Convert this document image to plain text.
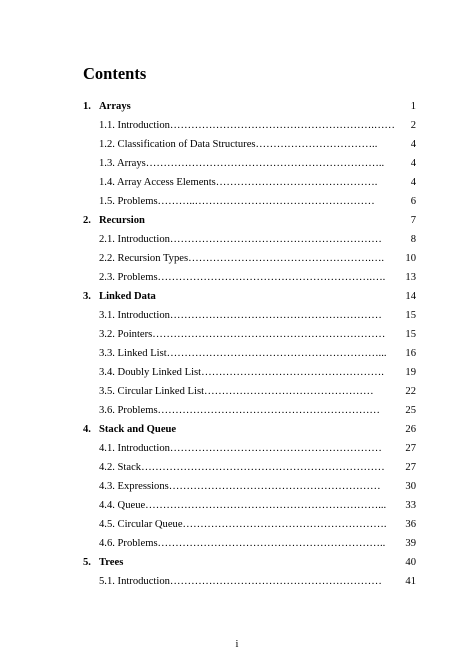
Contents
1. Arrays	1
1.1. Introduction………………………………………………….……	2
1.2. Classification of Data Structures……………………………..	4
1.3. Arrays…………………………………………………………..	4
1.4. Array Access Elements……………………………………….	4
1.5. Problems………..……………………………………………	6
2. Recursion	7
2.1. Introduction……………………………………………………	8
2.2. Recursion Types…………………………………………….….	10
2.3. Problems…………………………………………………….….	13
3. Linked Data	14
3.1. Introduction……………………………………………………	15
3.2. Pointers…………………………………………………………	15
3.3. Linked List……………………………………………………...	16
3.4. Doubly Linked List…………………………………………….	19
3.5. Circular Linked List…………………………………………	22
3.6. Problems………………………………………………………	25
4. Stack and Queue	26
4.1. Introduction……………………………………………………	27
4.2. Stack……………………………………………………………	27
4.3. Expressions……………………………………………………	30
4.4. Queue…………………………………………………………...	33
4.5. Circular Queue………………………………………………….	36
4.6. Problems………………………………………………………..	39
5. Trees	40
5.1. Introduction……………………………………………………	41
i
